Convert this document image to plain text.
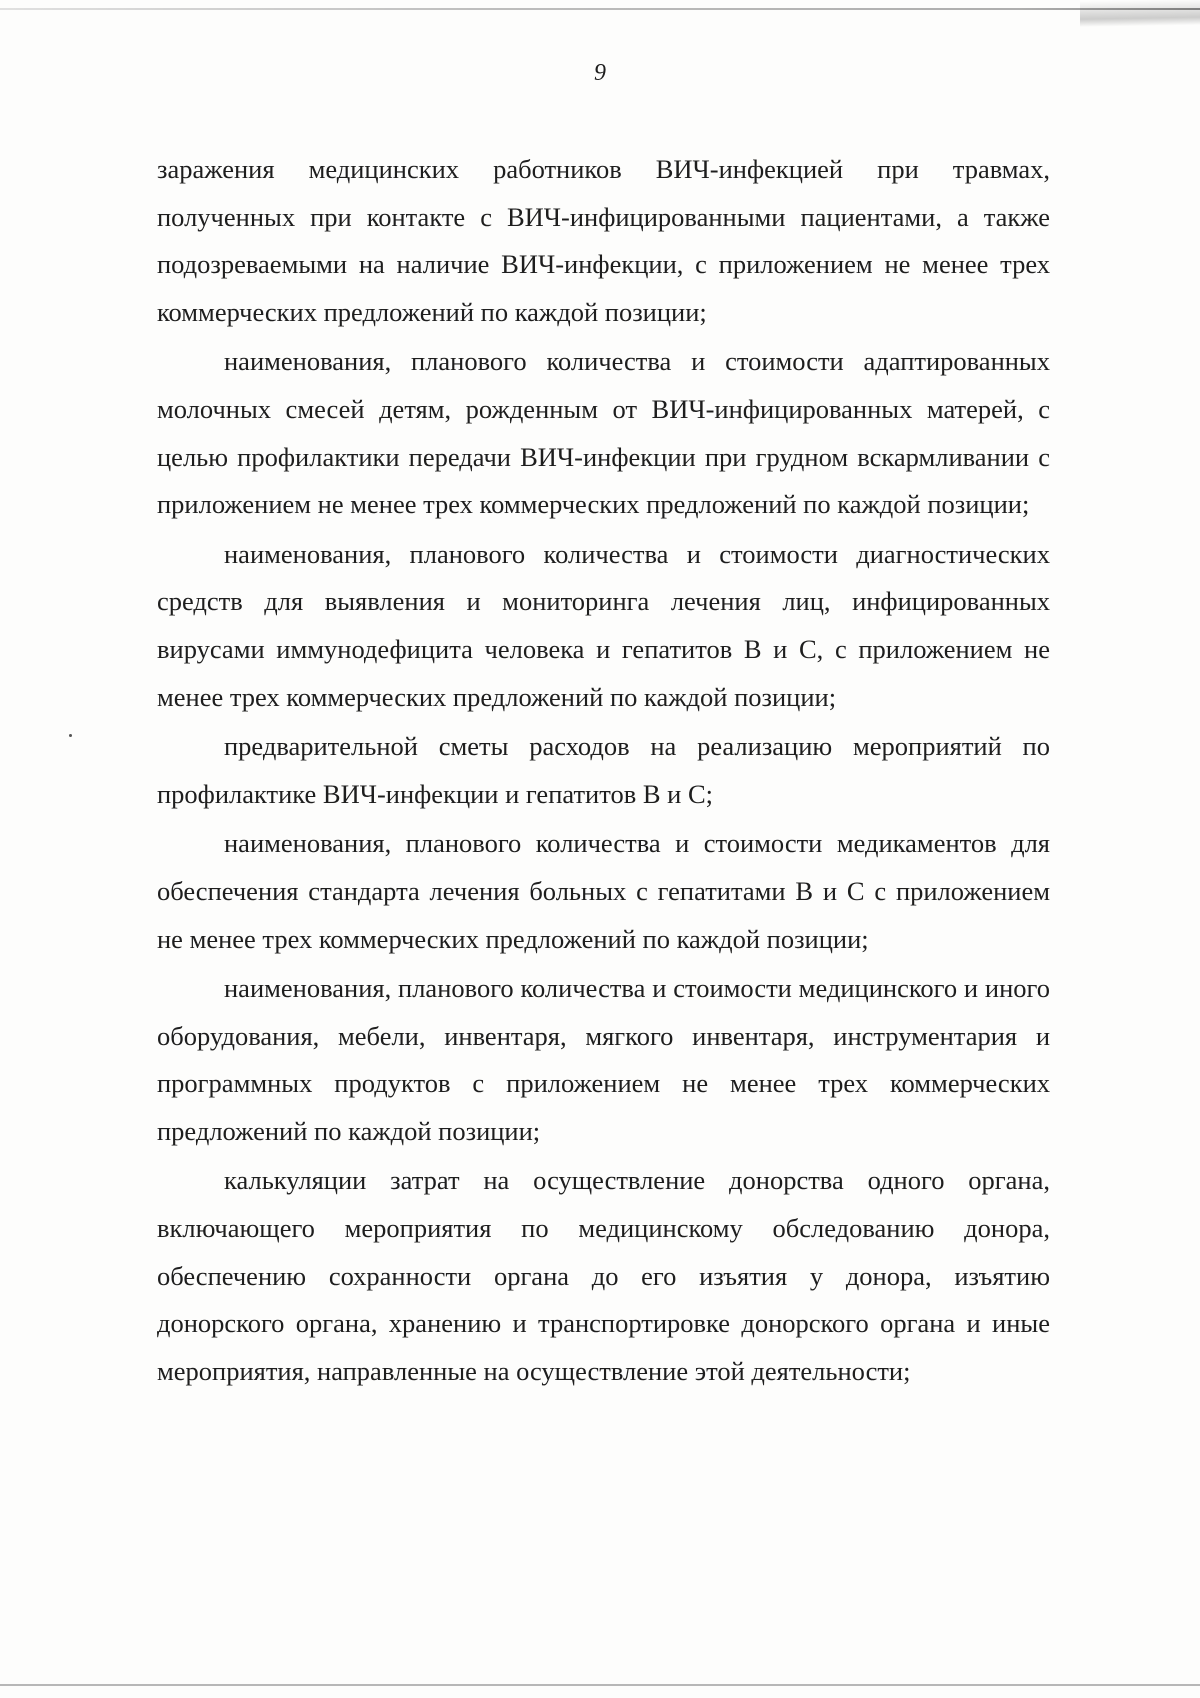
9

заражения медицинских работников ВИЧ-инфекцией при травмах, полученных при контакте с ВИЧ-инфицированными пациентами, а также подозреваемыми на наличие ВИЧ-инфекции, с приложением не менее трех коммерческих предложений по каждой позиции;

наименования, планового количества и стоимости адаптированных молочных смесей детям, рожденным от ВИЧ-инфицированных матерей, с целью профилактики передачи ВИЧ-инфекции при грудном вскармливании с приложением не менее трех коммерческих предложений по каждой позиции;

наименования, планового количества и стоимости диагностических средств для выявления и мониторинга лечения лиц, инфицированных вирусами иммунодефицита человека и гепатитов В и С, с приложением не менее трех коммерческих предложений по каждой позиции;

предварительной сметы расходов на реализацию мероприятий по профилактике ВИЧ-инфекции и гепатитов В и С;

наименования, планового количества и стоимости медикаментов для обеспечения стандарта лечения больных с гепатитами В и С с приложением не менее трех коммерческих предложений по каждой позиции;

наименования, планового количества и стоимости медицинского и иного оборудования, мебели, инвентаря, мягкого инвентаря, инструментария и программных продуктов с приложением не менее трех коммерческих предложений по каждой позиции;

калькуляции затрат на осуществление донорства одного органа, включающего мероприятия по медицинскому обследованию донора, обеспечению сохранности органа до его изъятия у донора, изъятию донорского органа, хранению и транспортировке донорского органа и иные мероприятия, направленные на осуществление этой деятельности;
